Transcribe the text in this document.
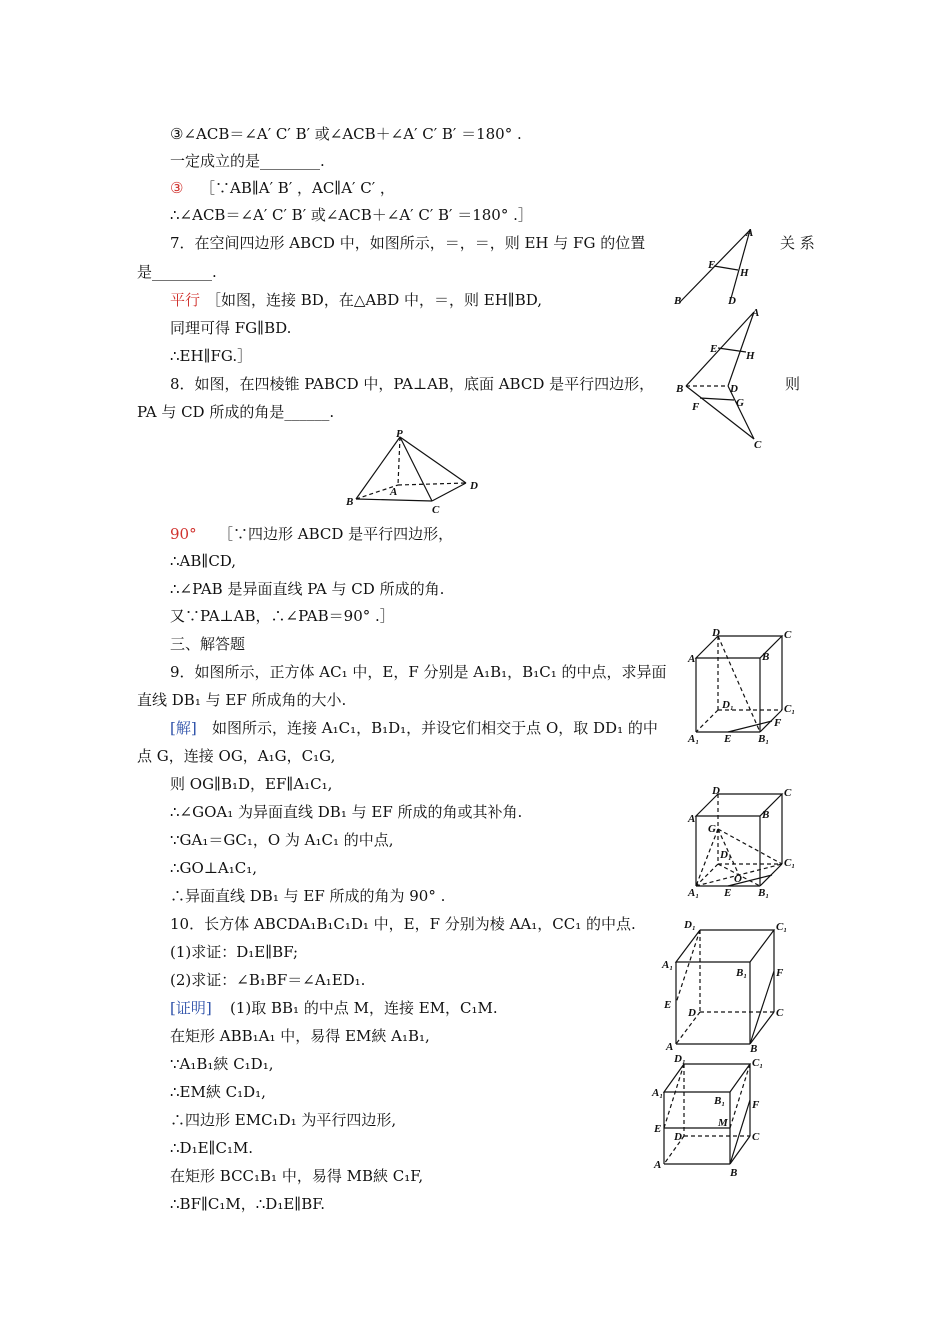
③∠ACB＝∠A′ C′ B′ 或∠ACB＋∠A′ C′ B′ ＝180° .
一定成立的是________.
③ ［∵AB∥A′ B′ ，AC∥A′ C′ ，
∴∠ACB＝∠A′ C′ B′ 或∠ACB＋∠A′ C′ B′ ＝180° .］
7．在空间四边形 ABCD 中，如图所示，＝，＝，则 EH 与 FG 的位置	关 系
是________.
平行 ［如图，连接 BD，在△ABD 中，＝，则 EH∥BD,
同理可得 FG∥BD.
∴EH∥FG.］
8．如图，在四棱锥 PABCD 中，PA⊥AB，底面 ABCD 是平行四边形，	则
PA 与 CD 所成的角是______.
90° ［∵四边形 ABCD 是平行四边形，
∴AB∥CD,
∴∠PAB 是异面直线 PA 与 CD 所成的角.
又∵PA⊥AB，∴∠PAB＝90° .］
三、解答题
9．如图所示，正方体 AC₁ 中，E，F 分别是 A₁B₁，B₁C₁ 的中点，求异面
直线 DB₁ 与 EF 所成角的大小.
[解] 如图所示，连接 A₁C₁，B₁D₁，并设它们相交于点 O，取 DD₁ 的中
点 G，连接 OG，A₁G，C₁G,
则 OG∥B₁D，EF∥A₁C₁,
∴∠GOA₁ 为异面直线 DB₁ 与 EF 所成的角或其补角.
∵GA₁＝GC₁，O 为 A₁C₁ 的中点,
∴GO⊥A₁C₁,
∴异面直线 DB₁ 与 EF 所成的角为 90° .
10．长方体 ABCDA₁B₁C₁D₁ 中，E，F 分别为棱 AA₁，CC₁ 的中点.
(1)求证：D₁E∥BF;
(2)求证：∠B₁BF＝∠A₁ED₁.
[证明] (1)取 BB₁ 的中点 M，连接 EM，C₁M.
在矩形 ABB₁A₁ 中，易得 EM綊 A₁B₁,
∵A₁B₁綊 C₁D₁,
∴EM綊 C₁D₁,
∴四边形 EMC₁D₁ 为平行四边形,
∴D₁E∥C₁M.
在矩形 BCC₁B₁ 中，易得 MB綊 C₁F,
∴BF∥C₁M，∴D₁E∥BF.
A
E
H
B	D
A
E
H
B	D
G
F
C
P
A
B
C
D
D	C
A	B
D₁	C₁
F
A₁ E B₁
D	C
A	B
G
D₁
C₁
O
A₁ E B₁
D₁	C₁
A₁
B₁
E
F
D	C
A	B
D₁	C₁
A₁
B₁ F
M
E
D	C
A
B
